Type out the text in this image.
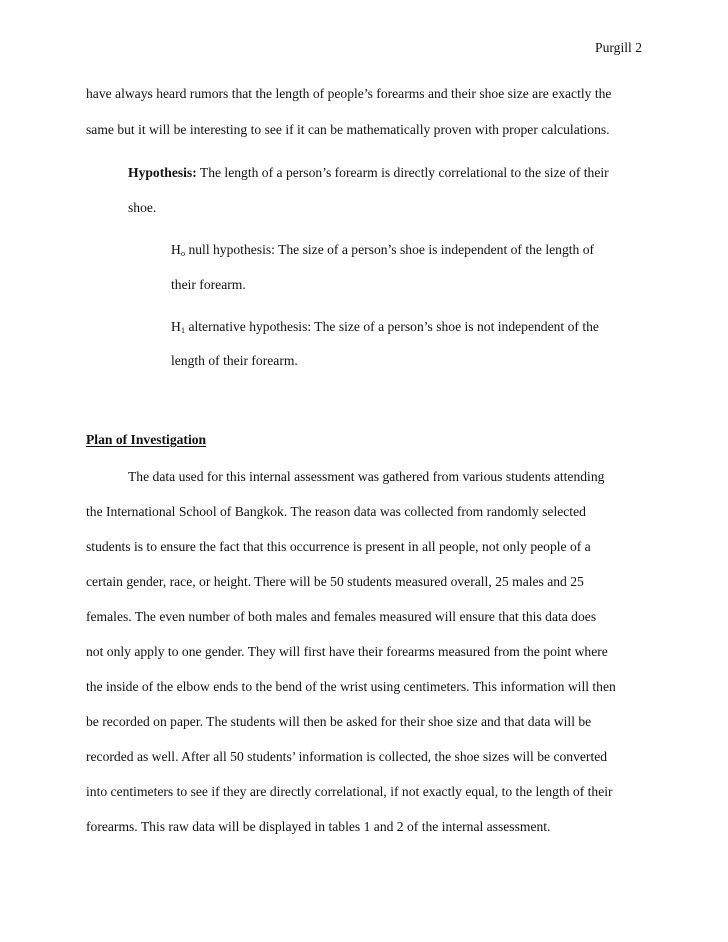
Purgill 2
have always heard rumors that the length of people’s forearms and their shoe size are exactly the
same but it will be interesting to see if it can be mathematically proven with proper calculations.
Hypothesis: The length of a person’s forearm is directly correlational to the size of their
shoe.
$H_o$ null hypothesis: The size of a person’s shoe is independent of the length of
their forearm.
$H_1$ alternative hypothesis: The size of a person’s shoe is not independent of the
length of their forearm.
Plan of Investigation
The data used for this internal assessment was gathered from various students attending
the International School of Bangkok. The reason data was collected from randomly selected
students is to ensure the fact that this occurrence is present in all people, not only people of a
certain gender, race, or height. There will be 50 students measured overall, 25 males and 25
females. The even number of both males and females measured will ensure that this data does
not only apply to one gender. They will first have their forearms measured from the point where
the inside of the elbow ends to the bend of the wrist using centimeters. This information will then
be recorded on paper. The students will then be asked for their shoe size and that data will be
recorded as well. After all 50 students’ information is collected, the shoe sizes will be converted
into centimeters to see if they are directly correlational, if not exactly equal, to the length of their
forearms. This raw data will be displayed in tables 1 and 2 of the internal assessment.
